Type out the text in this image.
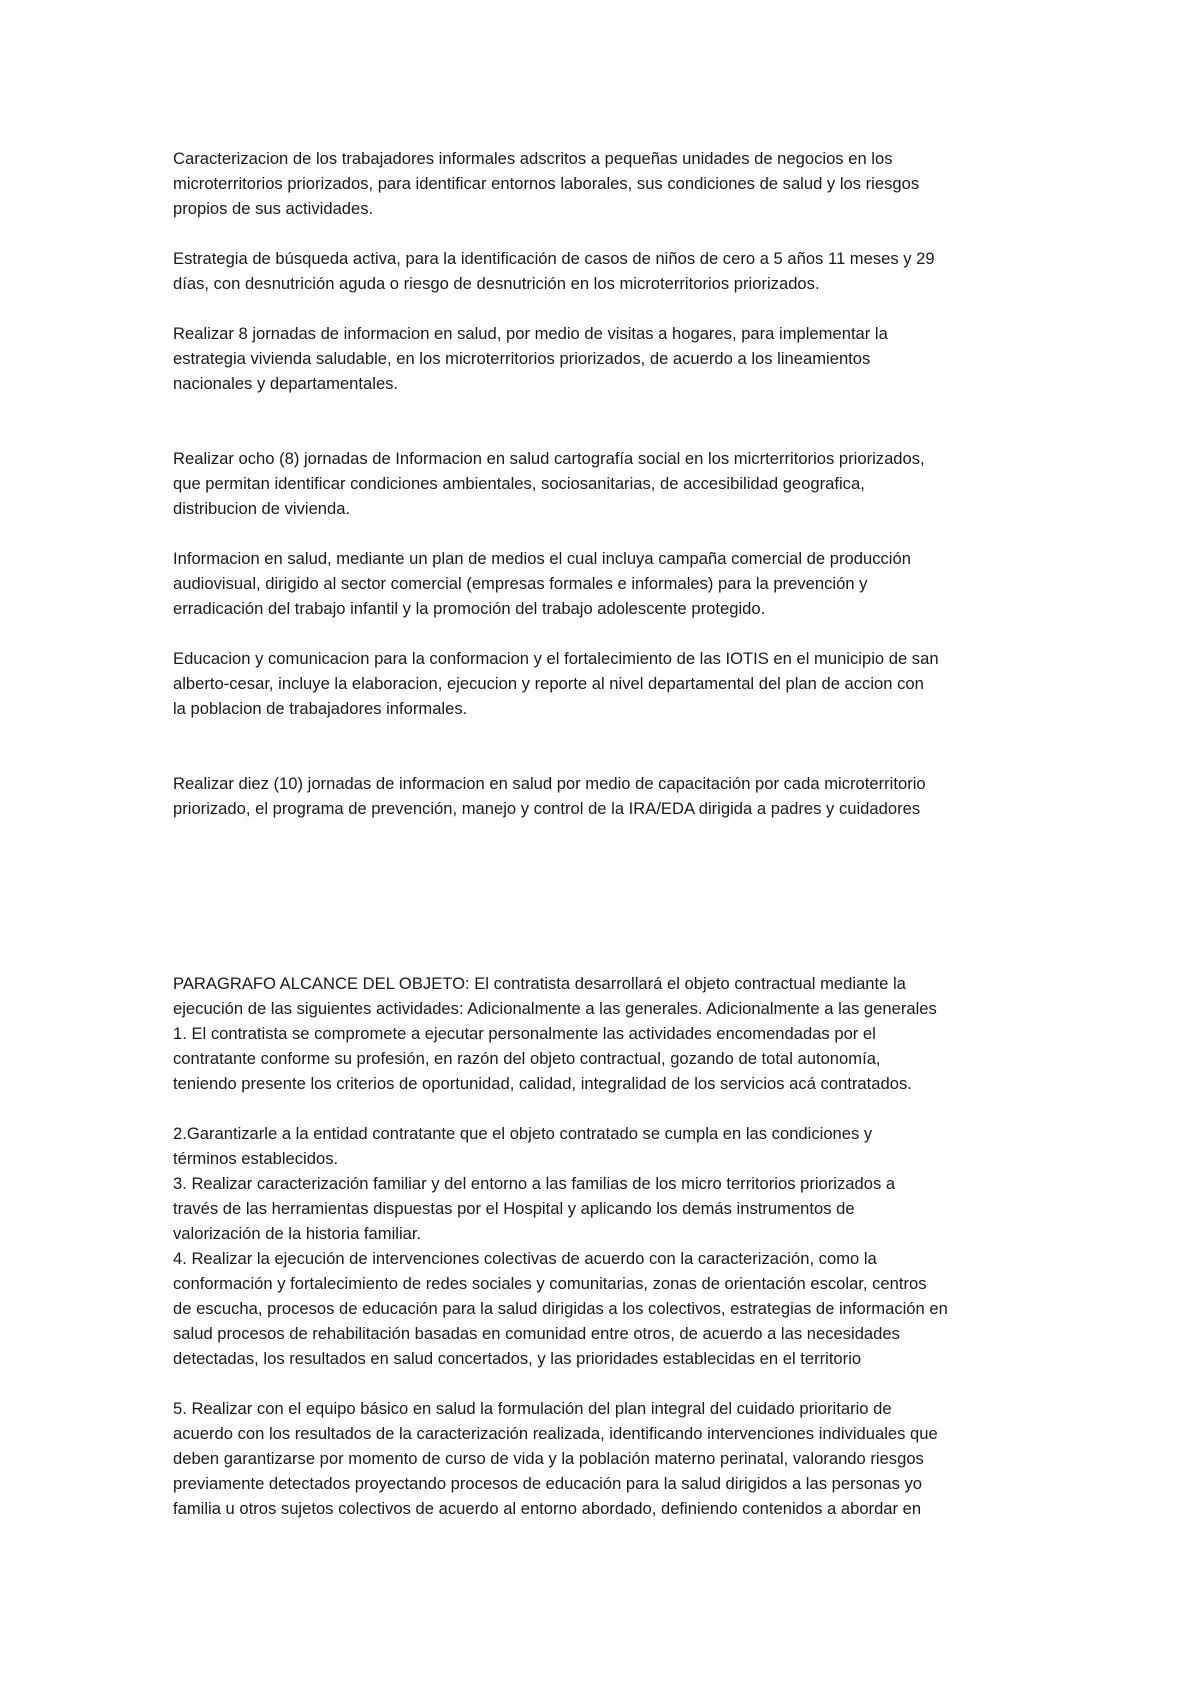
Caracterizacion de los trabajadores informales adscritos a pequeñas unidades de negocios en los
microterritorios priorizados, para identificar entornos laborales, sus condiciones de salud y los riesgos
propios de sus actividades.

Estrategia de búsqueda activa, para la identificación de casos de niños de cero a 5 años 11 meses y 29
días, con desnutrición aguda o riesgo de desnutrición en los microterritorios priorizados.

Realizar 8 jornadas de informacion en salud, por medio de visitas a hogares, para implementar la
estrategia vivienda saludable, en los microterritorios priorizados, de acuerdo a los lineamientos
nacionales y departamentales.

Realizar ocho (8) jornadas de Informacion en salud cartografía social en los micrterritorios priorizados,
que permitan identificar condiciones ambientales, sociosanitarias, de accesibilidad geografica,
distribucion de vivienda.

Informacion en salud, mediante un plan de medios el cual incluya campaña comercial de producción
audiovisual, dirigido al sector comercial (empresas formales e informales) para la prevención y
erradicación del trabajo infantil y la promoción del trabajo adolescente protegido.

Educacion y comunicacion para la conformacion y el fortalecimiento de las IOTIS en el municipio de san
alberto-cesar, incluye la elaboracion, ejecucion y reporte al nivel departamental del plan de accion con
la poblacion de trabajadores informales.

Realizar diez (10) jornadas de informacion en salud por medio de capacitación por cada microterritorio
priorizado, el programa de prevención, manejo y control de la IRA/EDA dirigida a padres y cuidadores

PARAGRAFO ALCANCE DEL OBJETO: El contratista desarrollará el objeto contractual mediante la
ejecución de las siguientes actividades: Adicionalmente a las generales. Adicionalmente a las generales
1. El contratista se compromete a ejecutar personalmente las actividades encomendadas por el
contratante conforme su profesión, en razón del objeto contractual, gozando de total autonomía,
teniendo presente los criterios de oportunidad, calidad, integralidad de los servicios acá contratados.

2.Garantizarle a la entidad contratante que el objeto contratado se cumpla en las condiciones y
términos establecidos.
3. Realizar caracterización familiar y del entorno a las familias de los micro territorios priorizados a
través de las herramientas dispuestas por el Hospital y aplicando los demás instrumentos de
valorización de la historia familiar.
4. Realizar la ejecución de intervenciones colectivas de acuerdo con la caracterización, como la
conformación y fortalecimiento de redes sociales y comunitarias, zonas de orientación escolar, centros
de escucha, procesos de educación para la salud dirigidas a los colectivos, estrategias de información en
salud procesos de rehabilitación basadas en comunidad entre otros, de acuerdo a las necesidades
detectadas, los resultados en salud concertados, y las prioridades establecidas en el territorio

5. Realizar con el equipo básico en salud la formulación del plan integral del cuidado prioritario de
acuerdo con los resultados de la caracterización realizada, identificando intervenciones individuales que
deben garantizarse por momento de curso de vida y la población materno perinatal, valorando riesgos
previamente detectados proyectando procesos de educación para la salud dirigidos a las personas yo
familia u otros sujetos colectivos de acuerdo al entorno abordado, definiendo contenidos a abordar en
